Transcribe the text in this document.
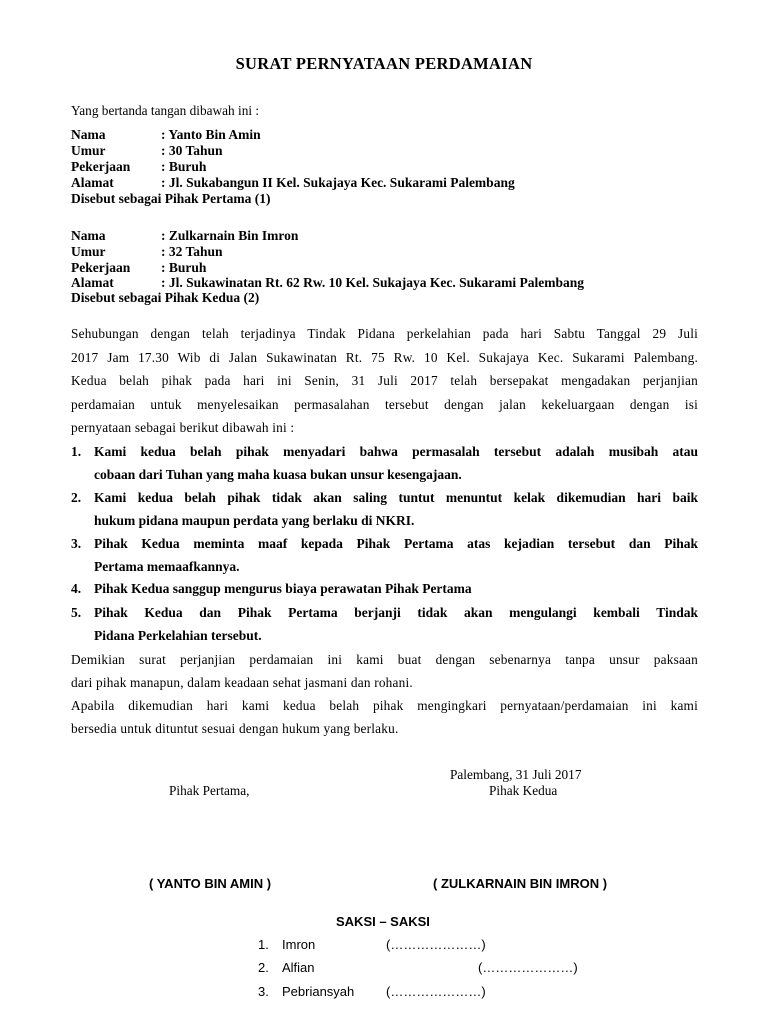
SURAT PERNYATAAN PERDAMAIAN
Yang bertanda tangan dibawah ini :
Nama	: Yanto Bin Amin
Umur	: 30 Tahun
Pekerjaan : Buruh
Alamat	: Jl. Sukabangun II Kel. Sukajaya Kec. Sukarami Palembang
Disebut sebagai Pihak Pertama (1)
Nama	: Zulkarnain Bin Imron
Umur	: 32 Tahun
Pekerjaan : Buruh
Alamat	: Jl. Sukawinatan Rt. 62 Rw. 10 Kel. Sukajaya Kec. Sukarami Palembang
Disebut sebagai Pihak Kedua (2)
Sehubungan dengan telah terjadinya Tindak Pidana perkelahian pada hari Sabtu Tanggal 29 Juli
2017 Jam 17.30 Wib di Jalan Sukawinatan Rt. 75 Rw. 10 Kel. Sukajaya Kec. Sukarami Palembang.
Kedua belah pihak pada hari ini Senin, 31 Juli 2017 telah bersepakat mengadakan perjanjian
perdamaian untuk menyelesaikan permasalahan tersebut dengan jalan kekeluargaan dengan isi
pernyataan sebagai berikut dibawah ini :
1. Kami kedua belah pihak menyadari bahwa permasalah tersebut adalah musibah atau
cobaan dari Tuhan yang maha kuasa bukan unsur kesengajaan.
2. Kami kedua belah pihak tidak akan saling tuntut menuntut kelak dikemudian hari baik
hukum pidana maupun perdata yang berlaku di NKRI.
3. Pihak Kedua meminta maaf kepada Pihak Pertama atas kejadian tersebut dan Pihak
Pertama memaafkannya.
4. Pihak Kedua sanggup mengurus biaya perawatan Pihak Pertama
5. Pihak Kedua dan Pihak Pertama berjanji tidak akan mengulangi kembali Tindak
Pidana Perkelahian tersebut.
Demikian surat perjanjian perdamaian ini kami buat dengan sebenarnya tanpa unsur paksaan
dari pihak manapun, dalam keadaan sehat jasmani dan rohani.
Apabila dikemudian hari kami kedua belah pihak mengingkari pernyataan/perdamaian ini kami
bersedia untuk dituntut sesuai dengan hukum yang berlaku.
Palembang, 31 Juli 2017
Pihak Pertama,	Pihak Kedua
( YANTO BIN AMIN )	( ZULKARNAIN BIN IMRON )
SAKSI – SAKSI
1. Imron	(…………………)
2. Alfian	(…………………)
3. Pebriansyah (…………………)
